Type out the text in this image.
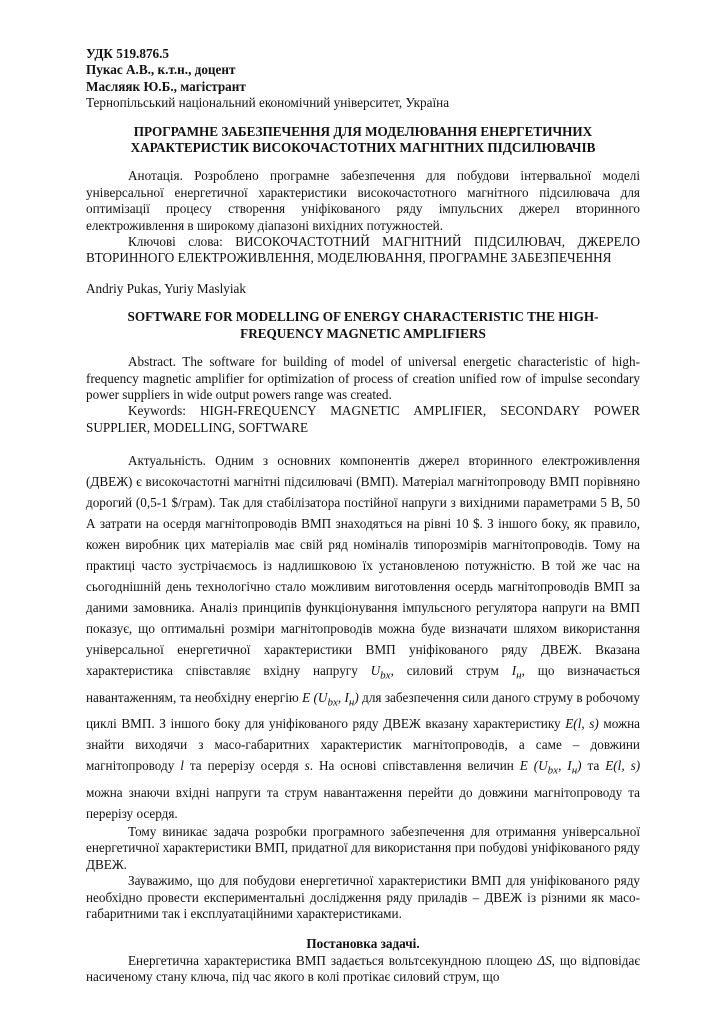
УДК 519.876.5
Пукас А.В., к.т.н., доцент
Масляяк Ю.Б., магістрант
Тернопільський національний економічний університет, Україна
ПРОГРАМНЕ ЗАБЕЗПЕЧЕННЯ ДЛЯ МОДЕЛЮВАННЯ ЕНЕРГЕТИЧНИХ ХАРАКТЕРИСТИК ВИСОКОЧАСТОТНИХ МАГНІТНИХ ПІДСИЛЮВАЧІВ
Анотація. Розроблено програмне забезпечення для побудови інтервальної моделі універсальної енергетичної характеристики високочастотного магнітного підсилювача для оптимізації процесу створення уніфікованого ряду імпульсних джерел вторинного електроживлення в широкому діапазоні вихідних потужностей.
Ключові слова: ВИСОКОЧАСТОТНИЙ МАГНІТНИЙ ПІДСИЛЮВАЧ, ДЖЕРЕЛО ВТОРИННОГО ЕЛЕКТРОЖИВЛЕННЯ, МОДЕЛЮВАННЯ, ПРОГРАМНЕ ЗАБЕЗПЕЧЕННЯ
Andriy Pukas, Yuriy Maslyiak
SOFTWARE FOR MODELLING OF ENERGY CHARACTERISTIC THE HIGH-FREQUENCY MAGNETIC AMPLIFIERS
Abstract. The software for building of model of universal energetic characteristic of high-frequency magnetic amplifier for optimization of process of creation unified row of impulse secondary power suppliers in wide output powers range was created.
Keywords: HIGH-FREQUENCY MAGNETIC AMPLIFIER, SECONDARY POWER SUPPLIER, MODELLING, SOFTWARE
Актуальність. Одним з основних компонентів джерел вторинного електроживлення (ДВЕЖ) є високочастотні магнітні підсилювачі (ВМП). Матеріал магнітопроводу ВМП порівняно дорогий (0,5-1 $/грам). Так для стабілізатора постійної напруги з вихідними параметрами 5 В, 50 А затрати на осердя магнітопроводів ВМП знаходяться на рівні 10 $. З іншого боку, як правило, кожен виробник цих матеріалів має свій ряд номіналів типорозмірів магнітопроводів. Тому на практиці часто зустрічаємось із надлишковою їх установленою потужністю. В той же час на сьогоднішній день технологічно стало можливим виготовлення осердь магнітопроводів ВМП за даними замовника. Аналіз принципів функціонування імпульсного регулятора напруги на ВМП показує, що оптимальні розміри магнітопроводів можна буде визначати шляхом використання універсальної енергетичної характеристики ВМП уніфікованого ряду ДВЕЖ. Вказана характеристика співставляє вхідну напругу $U_{bx}$, силовий струм $I_н$, що визначається навантаженням, та необхідну енергію E ($U_{bx}$, $I_н$) для забезпечення сили даного струму в робочому циклі ВМП. З іншого боку для уніфікованого ряду ДВЕЖ вказану характеристику E(l, s) можна знайти виходячи з масо-габаритних характеристик магнітопроводів, а саме – довжини магнітопроводу l та перерізу осердя s. На основі співставлення величин E ($U_{bx}$, $I_н$) та E(l, s) можна знаючи вхідні напруги та струм навантаження перейти до довжини магнітопроводу та перерізу осердя.
Тому виникає задача розробки програмного забезпечення для отримання універсальної енергетичної характеристики ВМП, придатної для використання при побудові уніфікованого ряду ДВЕЖ.
Зауважимо, що для побудови енергетичної характеристики ВМП для уніфікованого ряду необхідно провести експериментальні дослідження ряду приладів – ДВЕЖ із різними як масо-габаритними так і експлуатаційними характеристиками.
Постановка задачі.
Енергетична характеристика ВМП задається вольтсекундною площею ΔS, що відповідає насиченому стану ключа, під час якого в колі протікає силовий струм, що
